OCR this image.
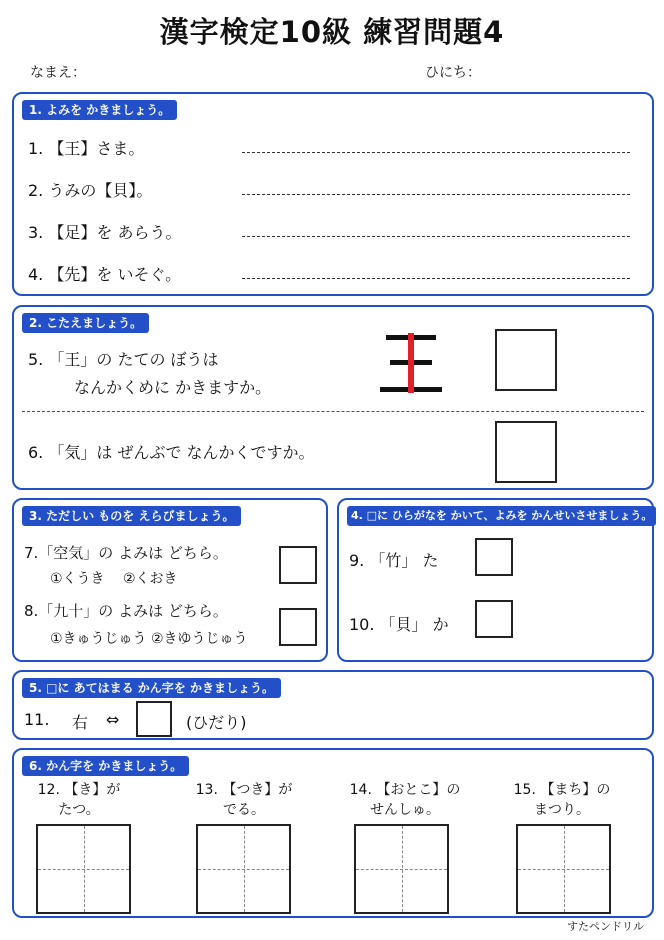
漢字検定10級 練習問題4
なまえ：	ひにち：
1. よみを かきましょう。
1. 【王】さま。
2. うみの【貝】。
3. 【足】を あらう。
4. 【先】を いそぐ。
2. こたえましょう。
5. 「王」の たての ぼうは
なんかくめに かきますか。
6. 「気」は ぜんぶで なんかくですか。
3. ただしい ものを えらびましょう。
7.「空気」の よみは どちら。
①くうき　 ②くおき
8.「九十」の よみは どちら。
①きゅうじゅう ②きゆうじゅう
4. □に ひらがなを かいて、よみを かんせいさせましょう。
9. 「竹」 た
10. 「貝」 か
5. □に あてはまる かん字を かきましょう。
11. 右 ⇔	(ひだり)
6. かん字を かきましょう。
12. 【き】が
たつ。
13. 【つき】が
でる。
14. 【おとこ】の
せんしゅ。
15. 【まち】の
まつり。
すたペンドリル
